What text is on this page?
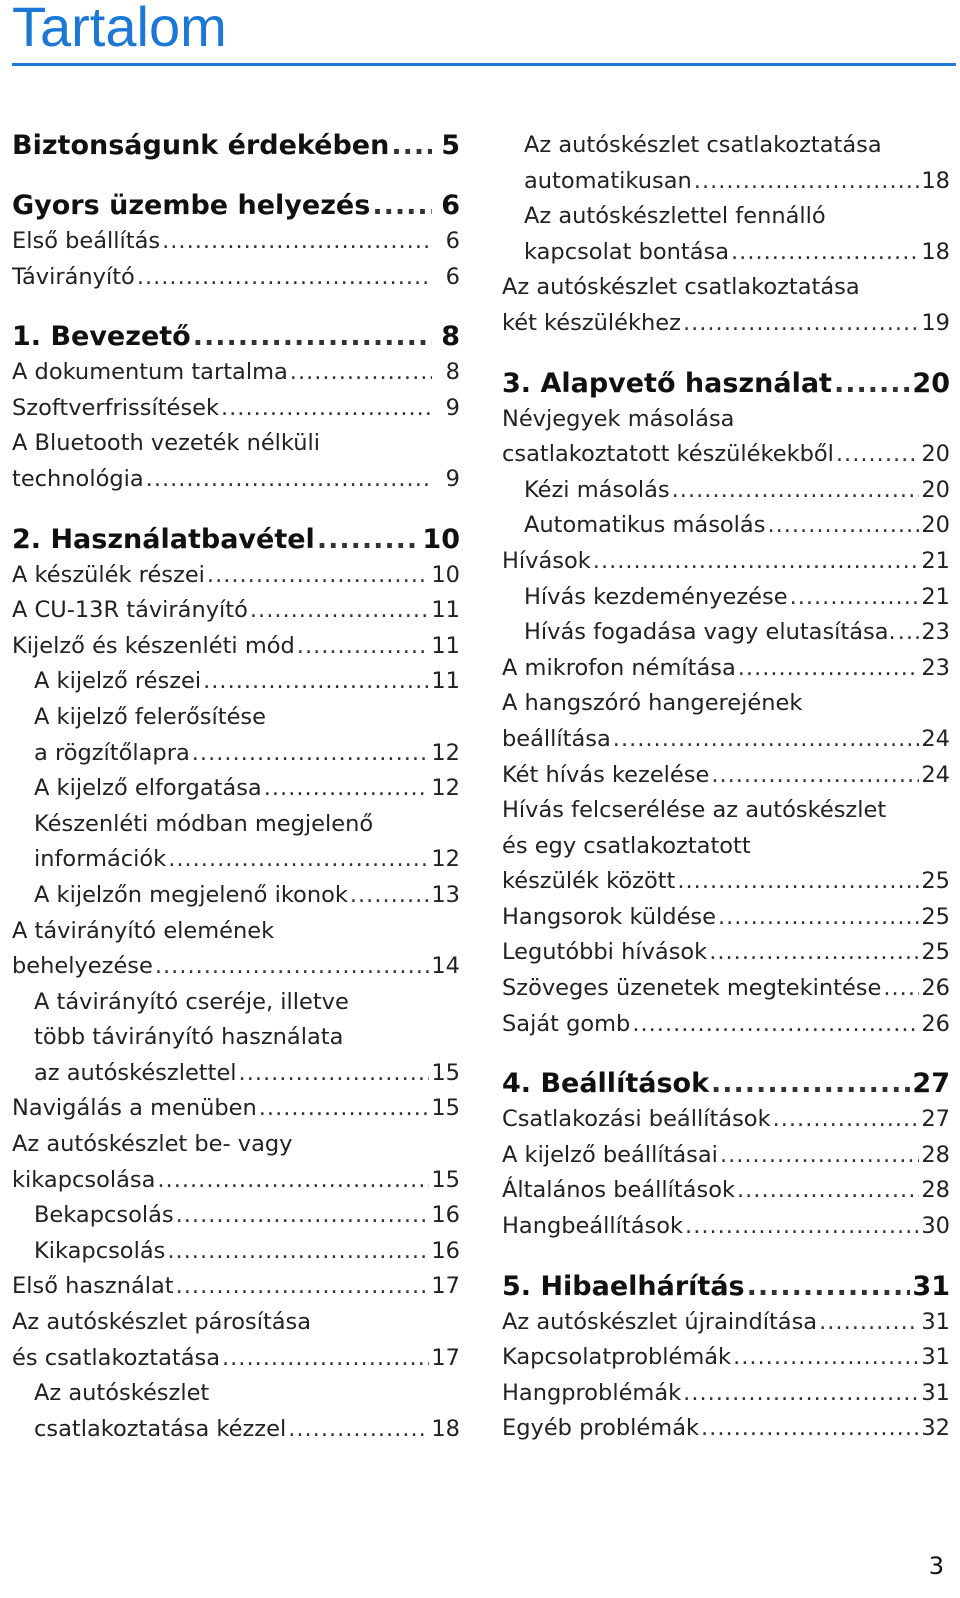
Tartalom
Biztonságunk érdekében ..... 5
Gyors üzembe helyezés .....	6
Első beállítás .....	6
Távirányító .....	6
1. Bevezető .....	8
A dokumentum tartalma .....	8
Szoftverfrissítések .....	9
A Bluetooth vezeték nélküli
technológia .....	9
2. Használatbavétel .....	10
A készülék részei .....	10
A CU-13R távirányító .....	11
Kijelző és készenléti mód .....	11
A kijelző részei .....	11
A kijelző felerősítése
a rögzítőlapra .....	12
A kijelző elforgatása .....	12
Készenléti módban megjelenő
információk .....	12
A kijelzőn megjelenő ikonok .....	13
A távirányító elemének
behelyezése .....	14
A távirányító cseréje, illetve
több távirányító használata
az autóskészlettel .....	15
Navigálás a menüben .....	15
Az autóskészlet be- vagy
kikapcsolása .....	15
Bekapcsolás .....	16
Kikapcsolás .....	16
Első használat .....	17
Az autóskészlet párosítása
és csatlakoztatása .....	17
Az autóskészlet
csatlakoztatása kézzel .....	18
Az autóskészlet csatlakoztatása
automatikusan .....	18
Az autóskészlettel fennálló
kapcsolat bontása .....	18
Az autóskészlet csatlakoztatása
két készülékhez .....	19
3. Alapvető használat .....	20
Névjegyek másolása
csatlakoztatott készülékekből .....	20
Kézi másolás .....	20
Automatikus másolás .....	20
Hívások .....	21
Hívás kezdeményezése .....	21
Hívás fogadása vagy elutasítása. ..... 23
A mikrofon némítása .....	23
A hangszóró hangerejének
beállítása .....	24
Két hívás kezelése .....	24
Hívás felcserélése az autóskészlet
és egy csatlakoztatott
készülék között .....	25
Hangsorok küldése .....	25
Legutóbbi hívások .....	25
Szöveges üzenetek megtekintése ..... 26
Saját gomb .....	26
4. Beállítások .....	27
Csatlakozási beállítások .....	27
A kijelző beállításai .....	28
Általános beállítások .....	28
Hangbeállítások .....	30
5. Hibaelhárítás .....	31
Az autóskészlet újraindítása .....	31
Kapcsolatproblémák .....	31
Hangproblémák .....	31
Egyéb problémák .....	32
3
